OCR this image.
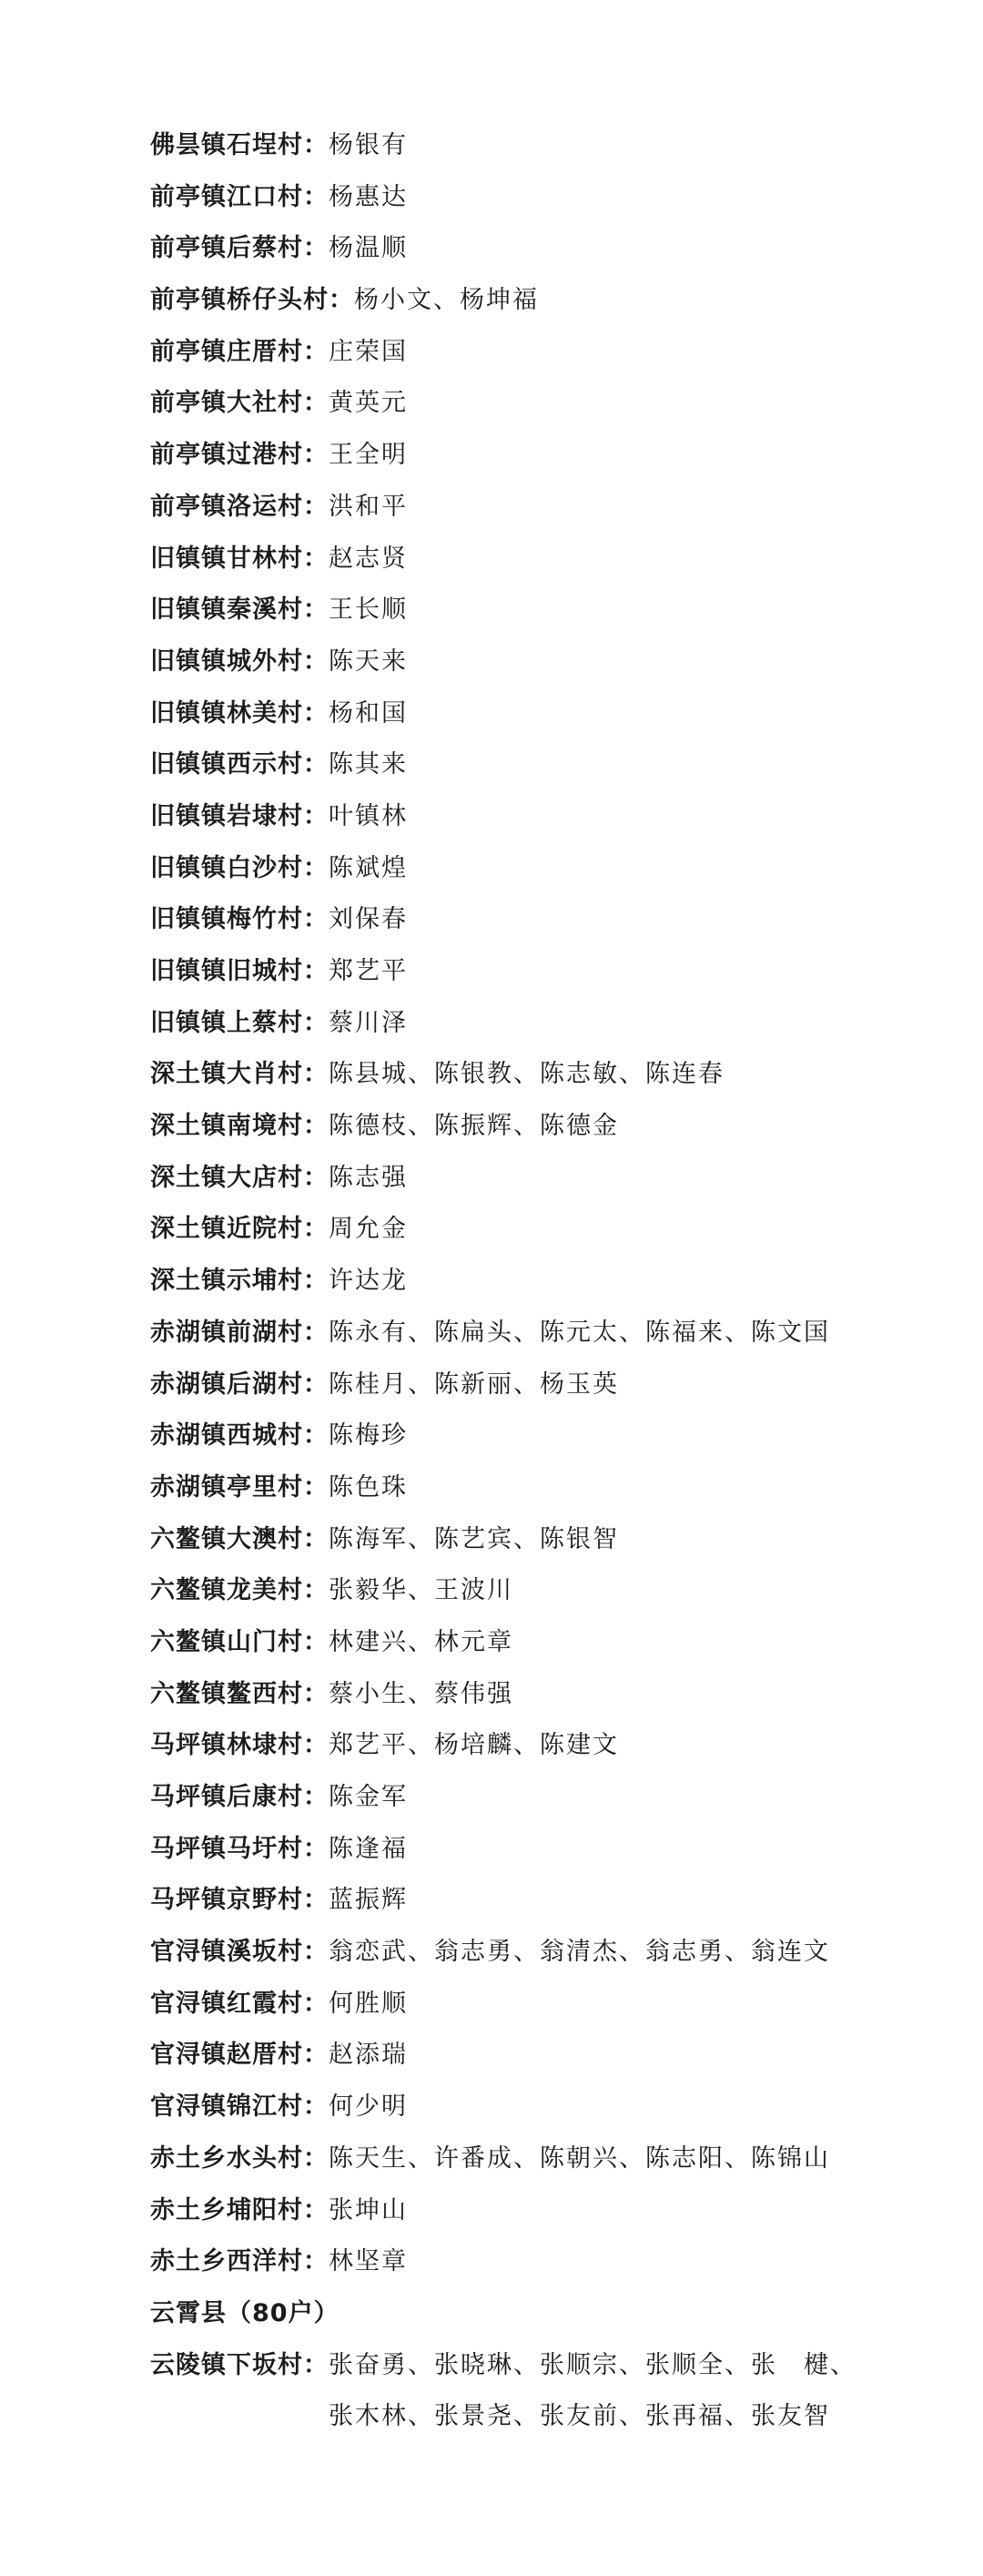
佛昙镇石埕村： 杨银有
前亭镇江口村： 杨惠达
前亭镇后蔡村： 杨温顺
前亭镇桥仔头村： 杨小文、杨坤福
前亭镇庄厝村： 庄荣国
前亭镇大社村： 黄英元
前亭镇过港村： 王全明
前亭镇洛运村： 洪和平
旧镇镇甘林村： 赵志贤
旧镇镇秦溪村： 王长顺
旧镇镇城外村： 陈天来
旧镇镇林美村： 杨和国
旧镇镇西示村： 陈其来
旧镇镇岩埭村： 叶镇林
旧镇镇白沙村： 陈斌煌
旧镇镇梅竹村： 刘保春
旧镇镇旧城村： 郑艺平
旧镇镇上蔡村： 蔡川泽
深土镇大肖村： 陈县城、陈银教、陈志敏、陈连春
深土镇南境村： 陈德枝、陈振辉、陈德金
深土镇大店村： 陈志强
深土镇近院村： 周允金
深土镇示埔村： 许达龙
赤湖镇前湖村： 陈永有、陈扁头、陈元太、陈福来、陈文国
赤湖镇后湖村： 陈桂月、陈新丽、杨玉英
赤湖镇西城村： 陈梅珍
赤湖镇亭里村： 陈色珠
六鳌镇大澳村： 陈海军、陈艺宾、陈银智
六鳌镇龙美村： 张毅华、王波川
六鳌镇山门村： 林建兴、林元章
六鳌镇鳌西村： 蔡小生、蔡伟强
马坪镇林埭村： 郑艺平、杨培麟、陈建文
马坪镇后康村： 陈金军
马坪镇马圩村： 陈逢福
马坪镇京野村： 蓝振辉
官浔镇溪坂村： 翁恋武、翁志勇、翁清杰、翁志勇、翁连文
官浔镇红霞村： 何胜顺
官浔镇赵厝村： 赵添瑞
官浔镇锦江村： 何少明
赤土乡水头村： 陈天生、许番成、陈朝兴、陈志阳、陈锦山
赤土乡埔阳村： 张坤山
赤土乡西洋村： 林坚章
云霄县（80户）
云陵镇下坂村： 张奋勇、张晓琳、张顺宗、张顺全、张　楗、
张木林、张景尧、张友前、张再福、张友智
